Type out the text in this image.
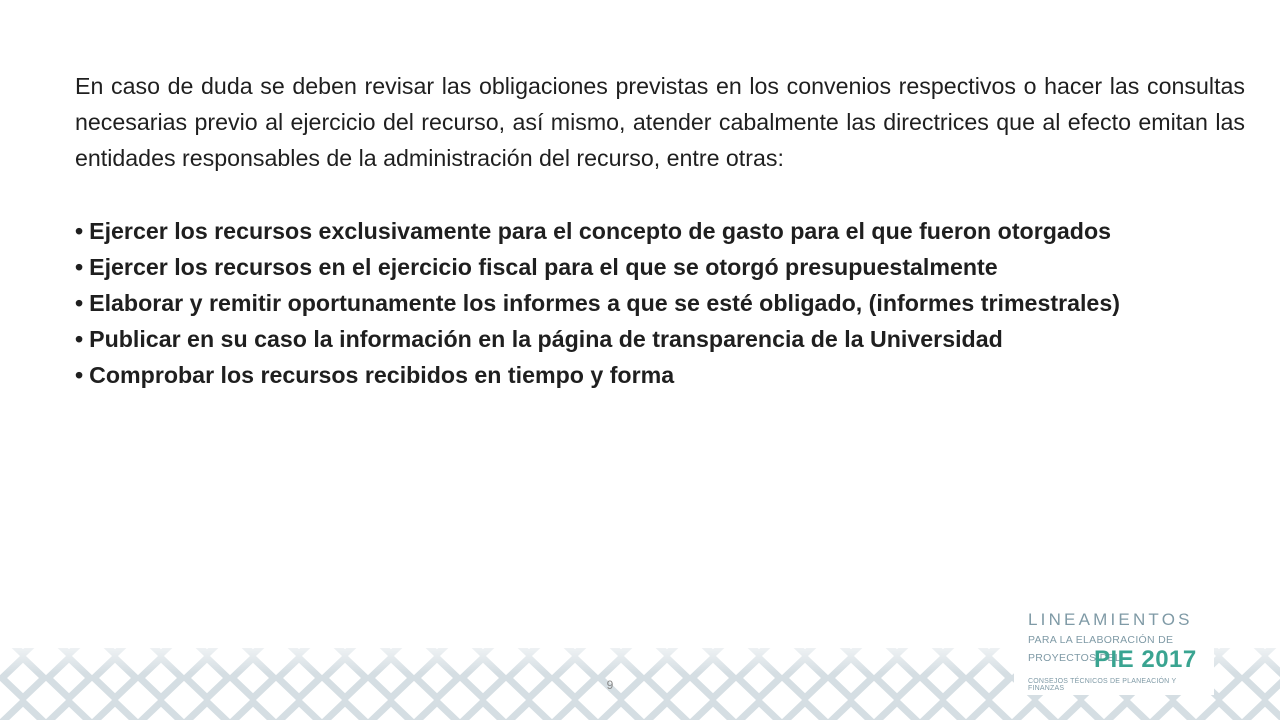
En caso de duda se deben revisar las obligaciones previstas en los convenios respectivos o hacer las consultas necesarias previo al ejercicio del recurso, así mismo, atender cabalmente las directrices que al efecto emitan las entidades responsables de la administración del recurso, entre otras:

• Ejercer los recursos exclusivamente para el concepto de gasto para el que fueron otorgados
• Ejercer los recursos en el ejercicio fiscal para el que se otorgó presupuestalmente
• Elaborar y remitir oportunamente los informes a que se esté obligado, (informes trimestrales)
• Publicar en su caso la información en la página de transparencia de la Universidad
• Comprobar los recursos recibidos en tiempo y forma
9
LINEAMIENTOS
PARA LA ELABORACIÓN DE
PROYECTOS DEL
PIE 2017
CONSEJOS TÉCNICOS DE PLANEACIÓN Y FINANZAS
